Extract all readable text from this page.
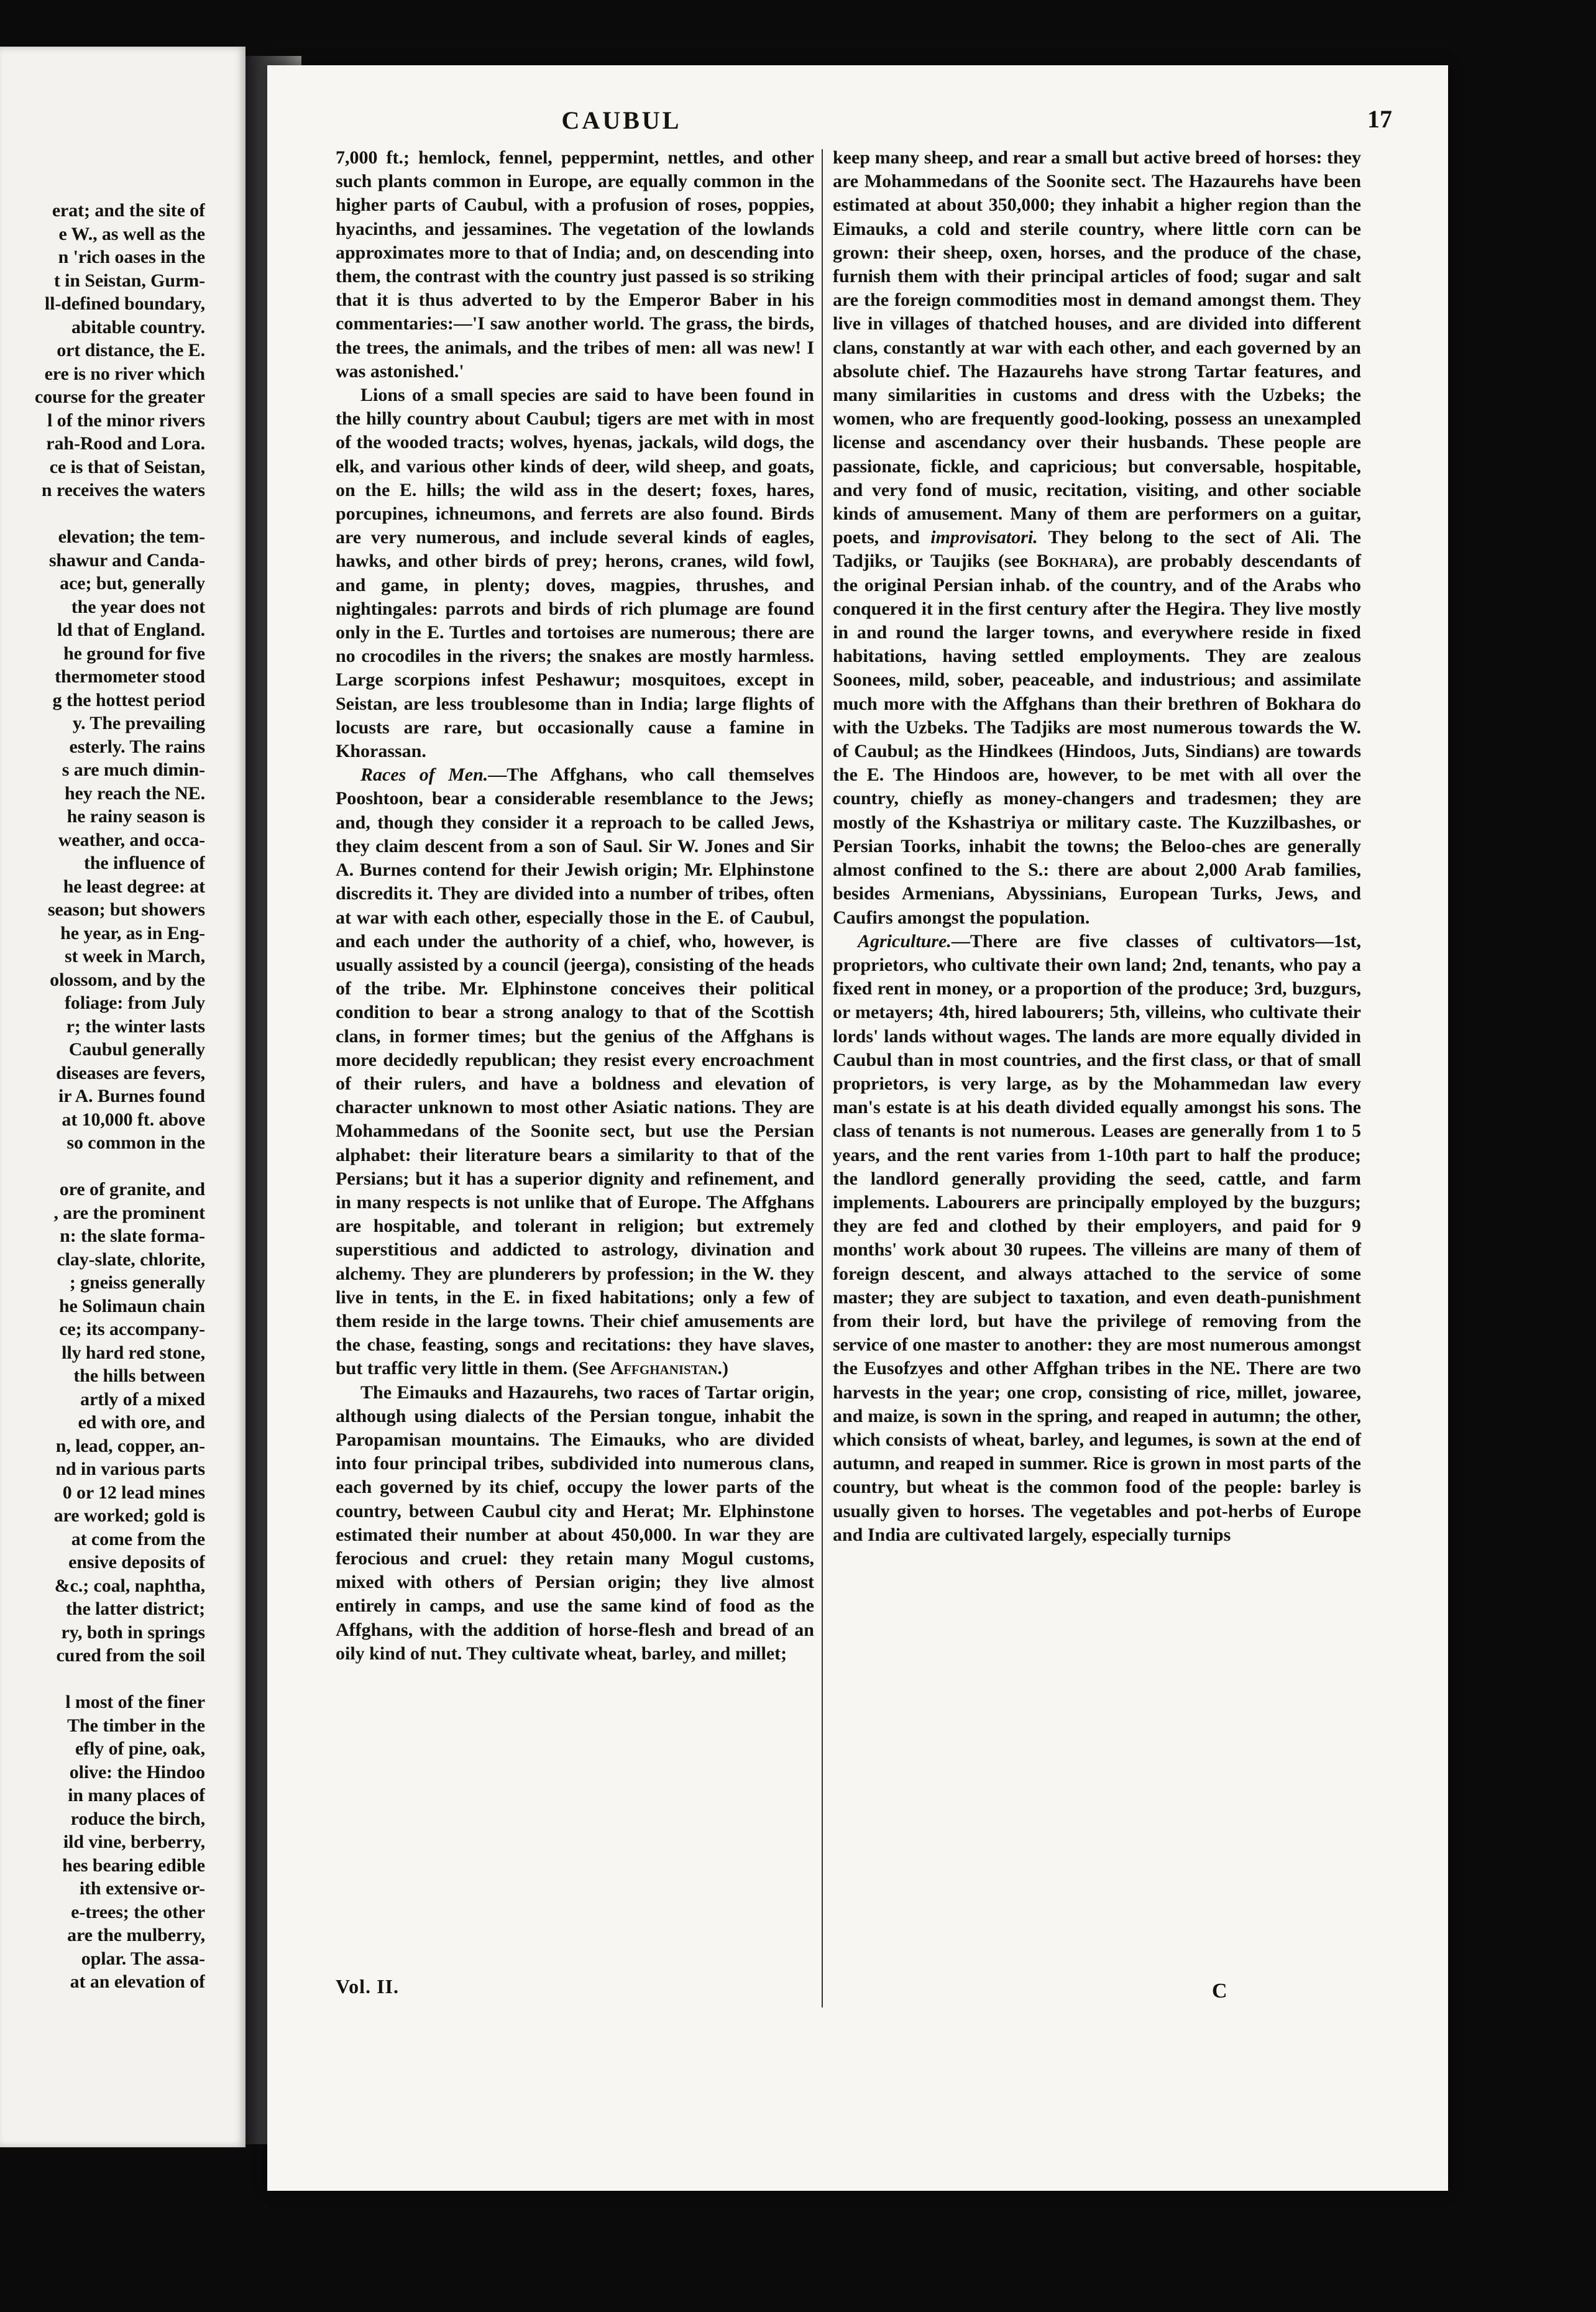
erat; and the site of
e W., as well as the
n 'rich oases in the
t in Seistan, Gurm-
ll-defined boundary,
abitable country.
ort distance, the E.
ere is no river which
course for the greater
l of the minor rivers
rah-Rood and Lora.
ce is that of Seistan,
n receives the waters
elevation; the tem-
shawur and Canda-
ace; but, generally
the year does not
ld that of England.
he ground for five
thermometer stood
g the hottest period
y. The prevailing
esterly. The rains
s are much dimin-
hey reach the NE.
he rainy season is
weather, and occa-
the influence of
he least degree: at
season; but showers
he year, as in Eng-
st week in March,
olossom, and by the
foliage: from July
r; the winter lasts
Caubul generally
diseases are fevers,
ir A. Burnes found
at 10,000 ft. above
so common in the
ore of granite, and
, are the prominent
n: the slate forma-
clay-slate, chlorite,
; gneiss generally
he Solimaun chain
ce; its accompany-
lly hard red stone,
the hills between
artly of a mixed
ed with ore, and
n, lead, copper, an-
nd in various parts
0 or 12 lead mines
are worked; gold is
at come from the
ensive deposits of
&c.; coal, naphtha,
the latter district;
ry, both in springs
cured from the soil
l most of the finer
The timber in the
efly of pine, oak,
olive: the Hindoo
in many places of
roduce the birch,
ild vine, berberry,
hes bearing edible
ith extensive or-
e-trees; the other
are the mulberry,
oplar. The assa-
at an elevation of
CAUBUL	17

7,000 ft.; hemlock, fennel, peppermint, nettles, and other such plants common in Europe, are equally common in the higher parts of Caubul, with a profusion of roses, poppies, hyacinths, and jessamines. The vegetation of the lowlands approximates more to that of India; and, on descending into them, the contrast with the country just passed is so striking that it is thus adverted to by the Emperor Baber in his commentaries:—'I saw another world. The grass, the birds, the trees, the animals, and the tribes of men: all was new! I was astonished.'

Lions of a small species are said to have been found in the hilly country about Caubul; tigers are met with in most of the wooded tracts; wolves, hyenas, jackals, wild dogs, the elk, and various other kinds of deer, wild sheep, and goats, on the E. hills; the wild ass in the desert; foxes, hares, porcupines, ichneumons, and ferrets are also found. Birds are very numerous, and include several kinds of eagles, hawks, and other birds of prey; herons, cranes, wild fowl, and game, in plenty; doves, magpies, thrushes, and nightingales: parrots and birds of rich plumage are found only in the E. Turtles and tortoises are numerous; there are no crocodiles in the rivers; the snakes are mostly harmless. Large scorpions infest Peshawur; mosquitoes, except in Seistan, are less troublesome than in India; large flights of locusts are rare, but occasionally cause a famine in Khorassan.

Races of Men.—The Affghans, who call themselves Pooshtoon, bear a considerable resemblance to the Jews; and, though they consider it a reproach to be called Jews, they claim descent from a son of Saul. Sir W. Jones and Sir A. Burnes contend for their Jewish origin; Mr. Elphinstone discredits it. They are divided into a number of tribes, often at war with each other, especially those in the E. of Caubul, and each under the authority of a chief, who, however, is usually assisted by a council (jeerga), consisting of the heads of the tribe. Mr. Elphinstone conceives their political condition to bear a strong analogy to that of the Scottish clans, in former times; but the genius of the Affghans is more decidedly republican; they resist every encroachment of their rulers, and have a boldness and elevation of character unknown to most other Asiatic nations. They are Mohammedans of the Soonite sect, but use the Persian alphabet: their literature bears a similarity to that of the Persians; but it has a superior dignity and refinement, and in many respects is not unlike that of Europe. The Affghans are hospitable, and tolerant in religion; but extremely superstitious and addicted to astrology, divination and alchemy. They are plunderers by profession; in the W. they live in tents, in the E. in fixed habitations; only a few of them reside in the large towns. Their chief amusements are the chase, feasting, songs and recitations: they have slaves, but traffic very little in them. (See Affghanistan.)

The Eimauks and Hazaurehs, two races of Tartar origin, although using dialects of the Persian tongue, inhabit the Paropamisan mountains. The Eimauks, who are divided into four principal tribes, subdivided into numerous clans, each governed by its chief, occupy the lower parts of the country, between Caubul city and Herat; Mr. Elphinstone estimated their number at about 450,000. In war they are ferocious and cruel: they retain many Mogul customs, mixed with others of Persian origin; they live almost entirely in camps, and use the same kind of food as the Affghans, with the addition of horse-flesh and bread of an oily kind of nut. They cultivate wheat, barley, and millet;

keep many sheep, and rear a small but active breed of horses: they are Mohammedans of the Soonite sect. The Hazaurehs have been estimated at about 350,000; they inhabit a higher region than the Eimauks, a cold and sterile country, where little corn can be grown: their sheep, oxen, horses, and the produce of the chase, furnish them with their principal articles of food; sugar and salt are the foreign commodities most in demand amongst them. They live in villages of thatched houses, and are divided into different clans, constantly at war with each other, and each governed by an absolute chief. The Hazaurehs have strong Tartar features, and many similarities in customs and dress with the Uzbeks; the women, who are frequently good-looking, possess an unexampled license and ascendancy over their husbands. These people are passionate, fickle, and capricious; but conversable, hospitable, and very fond of music, recitation, visiting, and other sociable kinds of amusement. Many of them are performers on a guitar, poets, and improvisatori. They belong to the sect of Ali. The Tadjiks, or Taujiks (see Bokhara), are probably descendants of the original Persian inhab. of the country, and of the Arabs who conquered it in the first century after the Hegira. They live mostly in and round the larger towns, and everywhere reside in fixed habitations, having settled employments. They are zealous Soonees, mild, sober, peaceable, and industrious; and assimilate much more with the Affghans than their brethren of Bokhara do with the Uzbeks. The Tadjiks are most numerous towards the W. of Caubul; as the Hindkees (Hindoos, Juts, Sindians) are towards the E. The Hindoos are, however, to be met with all over the country, chiefly as money-changers and tradesmen; they are mostly of the Kshastriya or military caste. The Kuzzilbashes, or Persian Toorks, inhabit the towns; the Beloo-ches are generally almost confined to the S.: there are about 2,000 Arab families, besides Armenians, Abyssinians, European Turks, Jews, and Caufirs amongst the population.

Agriculture.—There are five classes of cultivators—1st, proprietors, who cultivate their own land; 2nd, tenants, who pay a fixed rent in money, or a proportion of the produce; 3rd, buzgurs, or metayers; 4th, hired labourers; 5th, villeins, who cultivate their lords' lands without wages. The lands are more equally divided in Caubul than in most countries, and the first class, or that of small proprietors, is very large, as by the Mohammedan law every man's estate is at his death divided equally amongst his sons. The class of tenants is not numerous. Leases are generally from 1 to 5 years, and the rent varies from 1-10th part to half the produce; the landlord generally providing the seed, cattle, and farm implements. Labourers are principally employed by the buzgurs; they are fed and clothed by their employers, and paid for 9 months' work about 30 rupees. The villeins are many of them of foreign descent, and always attached to the service of some master; they are subject to taxation, and even death-punishment from their lord, but have the privilege of removing from the service of one master to another: they are most numerous amongst the Eusofzyes and other Affghan tribes in the NE. There are two harvests in the year; one crop, consisting of rice, millet, jowaree, and maize, is sown in the spring, and reaped in autumn; the other, which consists of wheat, barley, and legumes, is sown at the end of autumn, and reaped in summer. Rice is grown in most parts of the country, but wheat is the common food of the people: barley is usually given to horses. The vegetables and pot-herbs of Europe and India are cultivated largely, especially turnips

Vol. II.	C
